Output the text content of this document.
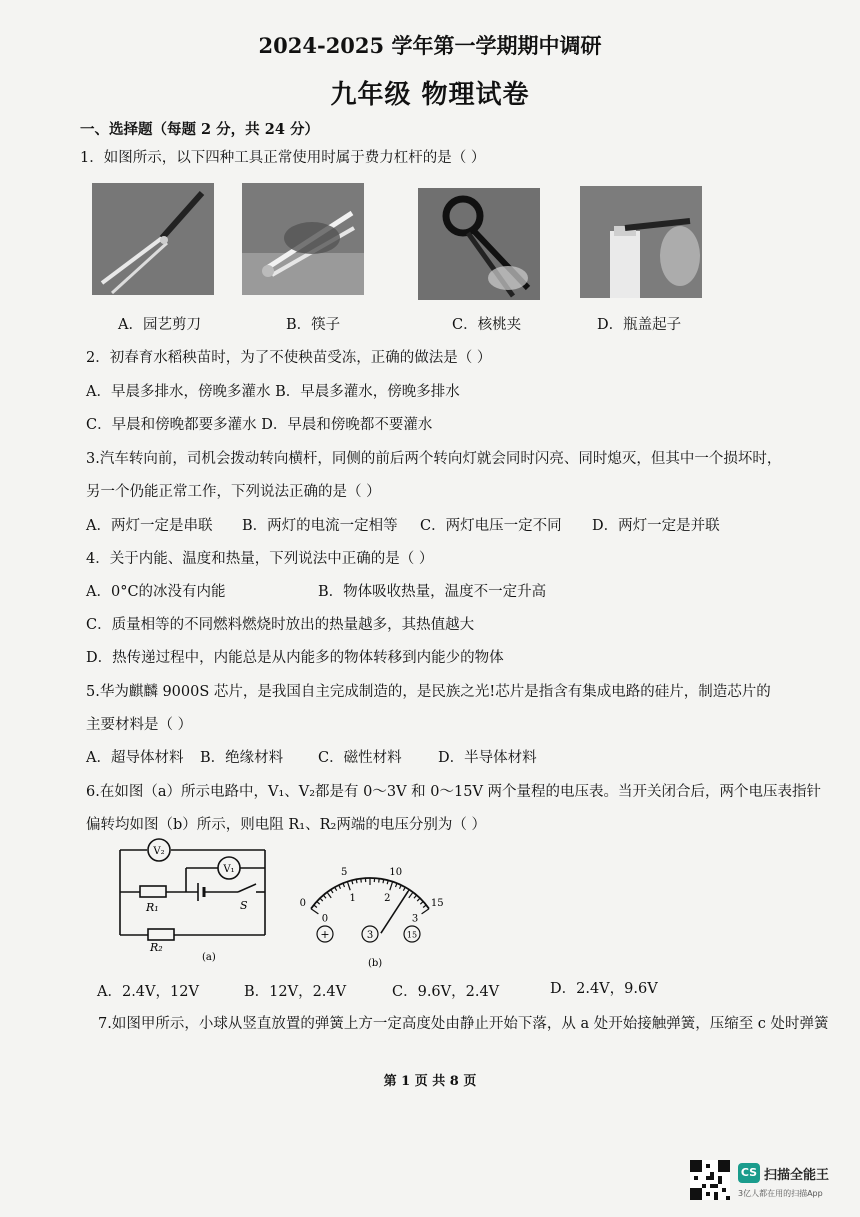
2024-2025 学年第一学期期中调研
九年级 物理试卷
一、选择题（每题 2 分，共 24 分）
1．如图所示，以下四种工具正常使用时属于费力杠杆的是（ ）
A．园艺剪刀	B．筷子	C．核桃夹	D．瓶盖起子
2．初春育水稻秧苗时，为了不使秧苗受冻，正确的做法是（ ）
A．早晨多排水，傍晚多灌水 B．早晨多灌水，傍晚多排水
C．早晨和傍晚都要多灌水 D．早晨和傍晚都不要灌水
3.汽车转向前，司机会拨动转向横杆，同侧的前后两个转向灯就会同时闪亮、同时熄灭，但其中一个损坏时，
另一个仍能正常工作，下列说法正确的是（ ）
A．两灯一定是串联 B．两灯的电流一定相等 C．两灯电压一定不同 D．两灯一定是并联
4．关于内能、温度和热量，下列说法中正确的是（ ）
A．0°C的冰没有内能	B．物体吸收热量，温度不一定升高
C．质量相等的不同燃料燃烧时放出的热量越多，其热值越大
D．热传递过程中，内能总是从内能多的物体转移到内能少的物体
5.华为麒麟 9000S 芯片，是我国自主完成制造的，是民族之光!芯片是指含有集成电路的硅片，制造芯片的
主要材料是（ ）
A．超导体材料 B．绝缘材料 C．磁性材料	D．半导体材料
6.在如图（a）所示电路中，V₁、V₂都是有 0～3V 和 0～15V 两个量程的电压表。当开关闭合后，两个电压表指针
偏转均如图（b）所示，则电阻 R₁、R₂两端的电压分别为（ ）
V₂
V₁
R₁
R₂
S
(a)
0
5	10
15
1	2
3
0
+	3	15
(b)
A．2.4V，12V	B．12V，2.4V	C．9.6V，2.4V	D．2.4V，9.6V
7.如图甲所示，小球从竖直放置的弹簧上方一定高度处由静止开始下落，从 a 处开始接触弹簧，压缩至 c 处时弹簧
第 1 页 共 8 页
CS 扫描全能王
3亿人都在用的扫描App
